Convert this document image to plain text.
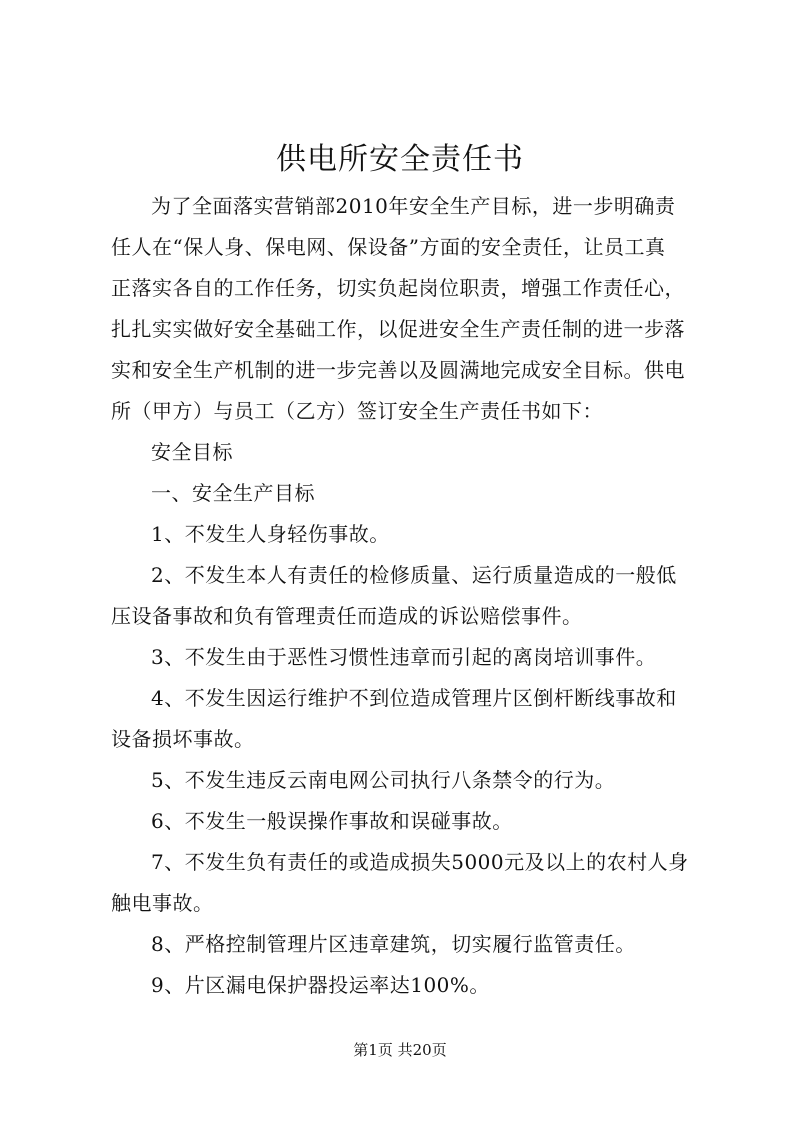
供电所安全责任书

为了全面落实营销部2010年安全生产目标，进一步明确责
任人在“保人身、保电网、保设备”方面的安全责任，让员工真
正落实各自的工作任务，切实负起岗位职责，增强工作责任心，
扎扎实实做好安全基础工作，以促进安全生产责任制的进一步落
实和安全生产机制的进一步完善以及圆满地完成安全目标。供电
所（甲方）与员工（乙方）签订安全生产责任书如下：

安全目标

一、安全生产目标

1、不发生人身轻伤事故。

2、不发生本人有责任的检修质量、运行质量造成的一般低
压设备事故和负有管理责任而造成的诉讼赔偿事件。

3、不发生由于恶性习惯性违章而引起的离岗培训事件。

4、不发生因运行维护不到位造成管理片区倒杆断线事故和
设备损坏事故。

5、不发生违反云南电网公司执行八条禁令的行为。

6、不发生一般误操作事故和误碰事故。

7、不发生负有责任的或造成损失5000元及以上的农村人身
触电事故。

8、严格控制管理片区违章建筑，切实履行监管责任。

9、片区漏电保护器投运率达100%。

第1页 共20页
